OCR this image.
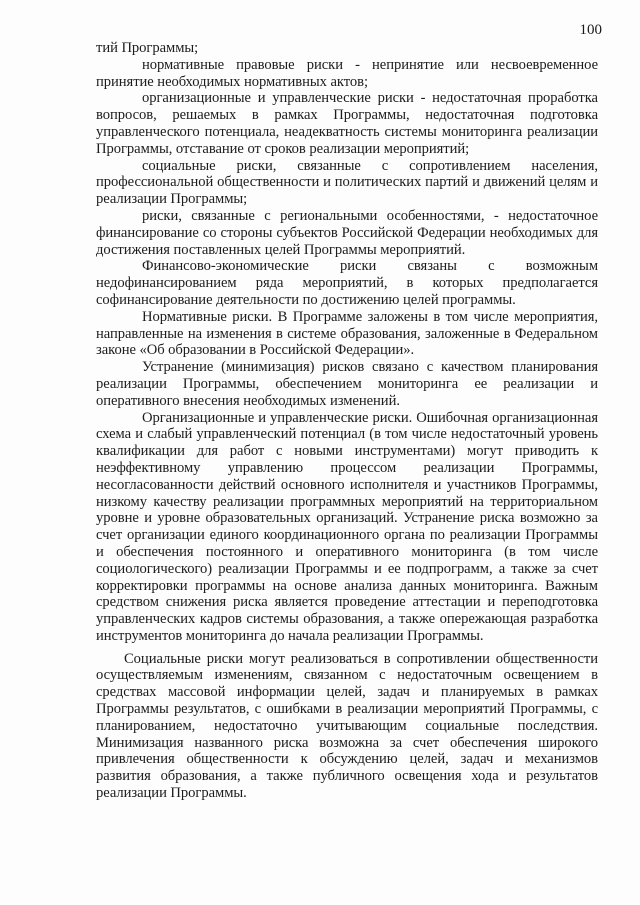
100

тий Программы;

нормативные правовые риски - непринятие или несвоевременное принятие необходимых нормативных актов;

организационные и управленческие риски - недостаточная проработка вопросов, решаемых в рамках Программы, недостаточная подготовка управленческого потенциала, неадекватность системы мониторинга реализации Программы, отставание от сроков реализации мероприятий;

социальные риски, связанные с сопротивлением населения, профессиональной общественности и политических партий и движений целям и реализации Программы;

риски, связанные с региональными особенностями, - недостаточное финансирование со стороны субъектов Российской Федерации необходимых для достижения поставленных целей Программы мероприятий.

Финансово-экономические риски связаны с возможным недофинансированием ряда мероприятий, в которых предполагается софинансирование деятельности по достижению целей программы.

Нормативные риски. В Программе заложены в том числе мероприятия, направленные на изменения в системе образования, заложенные в Федеральном законе «Об образовании в Российской Федерации».

Устранение (минимизация) рисков связано с качеством планирования реализации Программы, обеспечением мониторинга ее реализации и оперативного внесения необходимых изменений.

Организационные и управленческие риски. Ошибочная организационная схема и слабый управленческий потенциал (в том числе недостаточный уровень квалификации для работ с новыми инструментами) могут приводить к неэффективному управлению процессом реализации Программы, несогласованности действий основного исполнителя и участников Программы, низкому качеству реализации программных мероприятий на территориальном уровне и уровне образовательных организаций. Устранение риска возможно за счет организации единого координационного органа по реализации Программы и обеспечения постоянного и оперативного мониторинга (в том числе социологического) реализации Программы и ее подпрограмм, а также за счет корректировки программы на основе анализа данных мониторинга. Важным средством снижения риска является проведение аттестации и переподготовка управленческих кадров системы образования, а также опережающая разработка инструментов мониторинга до начала реализации Программы.

Социальные риски могут реализоваться в сопротивлении общественности осуществляемым изменениям, связанном с недостаточным освещением в средствах массовой информации целей, задач и планируемых в рамках Программы результатов, с ошибками в реализации мероприятий Программы, с планированием, недостаточно учитывающим социальные последствия. Минимизация названного риска возможна за счет обеспечения широкого привлечения общественности к обсуждению целей, задач и механизмов развития образования, а также публичного освещения хода и результатов реализации Программы.
